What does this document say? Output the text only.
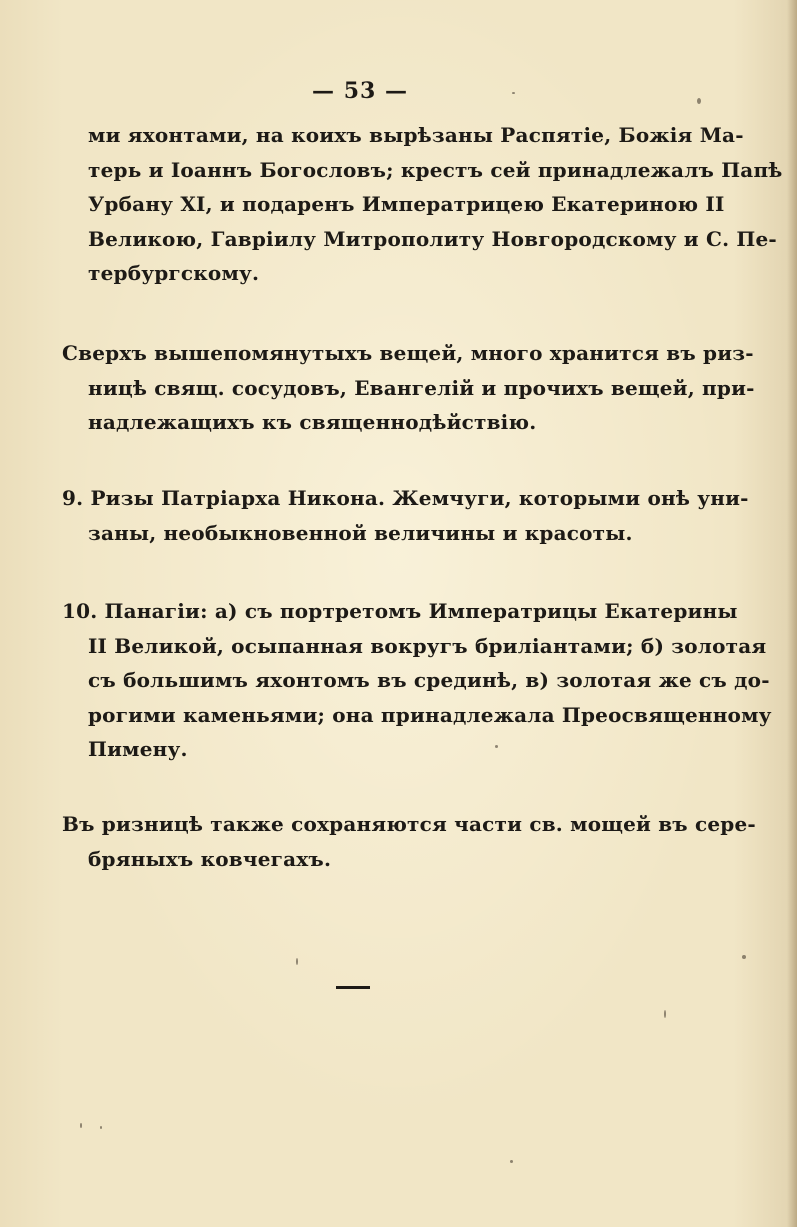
— 53 —
ми яхонтами, на коихъ вырѣзаны Распятіе, Божія Ма-
терь и Іоаннъ Богословъ; крестъ сей принадлежалъ Папѣ
Урбану XI, и подаренъ Императрицею Екатериною II
Великою, Гаврiилу Митрополиту Новгородскому и С. Пе-
тербургскому.
Сверхъ вышепомянутыхъ вещей, много хранится въ риз-
ницѣ свящ. сосудовъ, Евангелій и прочихъ вещей, при-
надлежащихъ къ священнодѣйствію.
9. Ризы Патріарха Никона. Жемчуги, которыми онѣ уни-
заны, необыкновенной величины и красоты.
10. Панагіи: а) съ портретомъ Императрицы Екатерины
II Великой, осыпанная вокругъ бриліантами; б) золотая
съ большимъ яхонтомъ въ срединѣ, в) золотая же съ до-
рогими каменьями; она принадлежала Преосвященному
Пимену.
Въ ризницѣ также сохраняются части св. мощей въ сере-
бряныхъ ковчегахъ.
